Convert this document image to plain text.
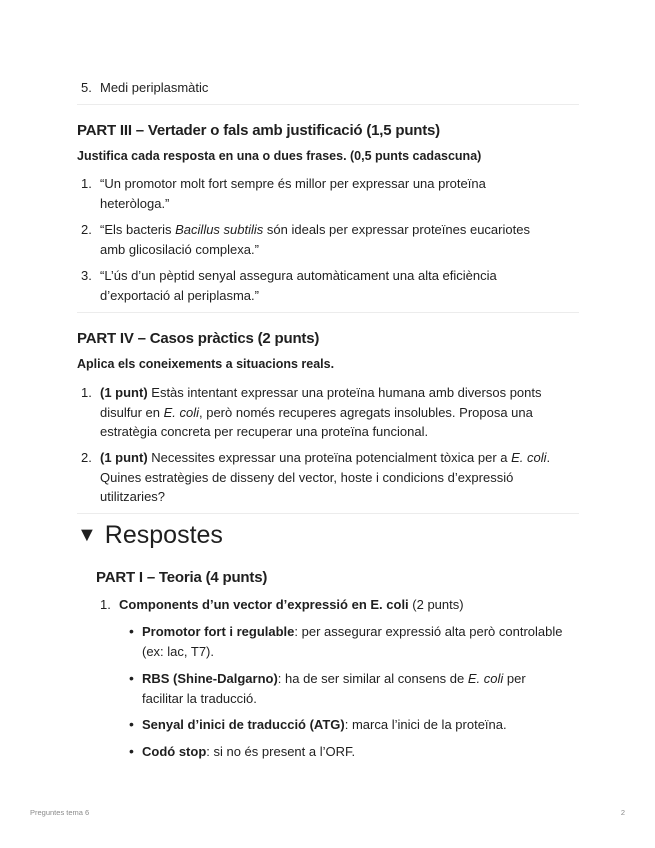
5. Medi periplasmàtic
PART III – Vertader o fals amb justificació (1,5 punts)
Justifica cada resposta en una o dues frases. (0,5 punts cadascuna)
1. “Un promotor molt fort sempre és millor per expressar una proteïna
heteròloga.”
2. “Els bacteris Bacillus subtilis són ideals per expressar proteïnes eucariotes
amb glicosilació complexa.”
3. “L’ús d’un pèptid senyal assegura automàticament una alta eficiència
d’exportació al periplasma.”
PART IV – Casos pràctics (2 punts)
Aplica els coneixements a situacions reals.
1. (1 punt) Estàs intentant expressar una proteïna humana amb diversos ponts
disulfur en E. coli, però només recuperes agregats insolubles. Proposa una
estratègia concreta per recuperar una proteïna funcional.
2. (1 punt) Necessites expressar una proteïna potencialment tòxica per a E. coli.
Quines estratègies de disseny del vector, hoste i condicions d’expressió
utilitzaries?
▼ Respostes
PART I – Teoria (4 punts)
1. Components d’un vector d’expressió en E. coli (2 punts)
• Promotor fort i regulable: per assegurar expressió alta però controlable
(ex: lac, T7).
• RBS (Shine-Dalgarno): ha de ser similar al consens de E. coli per
facilitar la traducció.
• Senyal d’inici de traducció (ATG): marca l’inici de la proteïna.
• Codó stop: si no és present a l’ORF.
Preguntes tema 6	2
